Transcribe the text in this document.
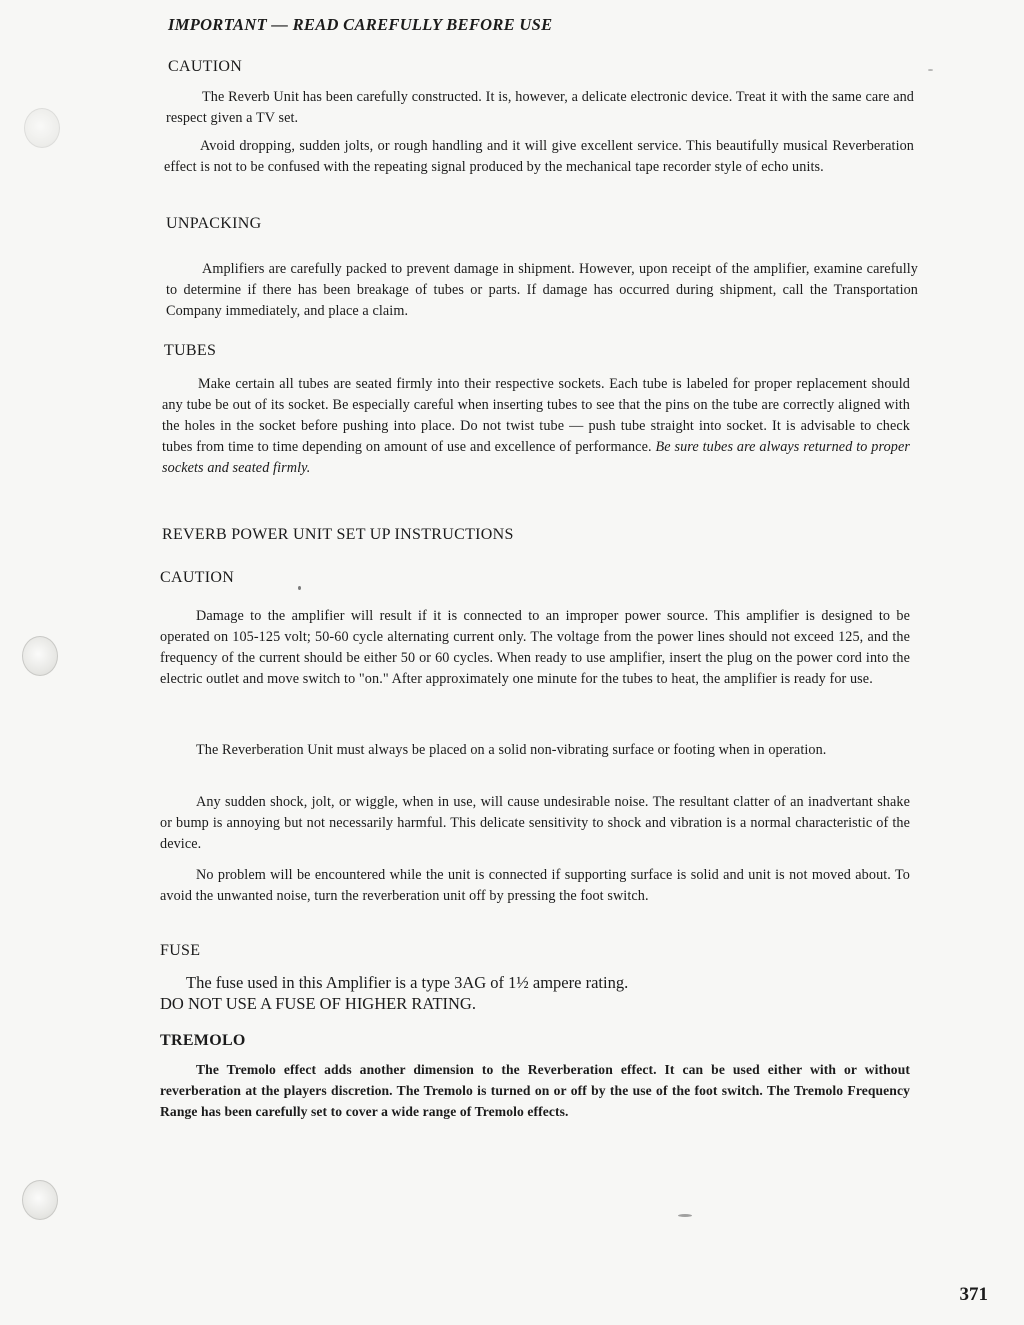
IMPORTANT — READ CAREFULLY BEFORE USE
CAUTION

The Reverb Unit has been carefully constructed. It is, however, a delicate electronic device. Treat it with the same care and respect given a TV set.

Avoid dropping, sudden jolts, or rough handling and it will give excellent service. This beautifully musical Reverberation effect is not to be confused with the repeating signal produced by the mechanical tape recorder style of echo units.

UNPACKING

Amplifiers are carefully packed to prevent damage in shipment. However, upon receipt of the amplifier, examine carefully to determine if there has been breakage of tubes or parts. If damage has occurred during shipment, call the Transportation Company immediately, and place a claim.

TUBES

Make certain all tubes are seated firmly into their respective sockets. Each tube is labeled for proper replacement should any tube be out of its socket. Be especially careful when inserting tubes to see that the pins on the tube are correctly aligned with the holes in the socket before pushing into place. Do not twist tube — push tube straight into socket. It is advisable to check tubes from time to time depending on amount of use and excellence of performance. Be sure tubes are always returned to proper sockets and seated firmly.

REVERB POWER UNIT SET UP INSTRUCTIONS
CAUTION

Damage to the amplifier will result if it is connected to an improper power source. This amplifier is designed to be operated on 105-125 volt; 50-60 cycle alternating current only. The voltage from the power lines should not exceed 125, and the frequency of the current should be either 50 or 60 cycles. When ready to use amplifier, insert the plug on the power cord into the electric outlet and move switch to "on." After approximately one minute for the tubes to heat, the amplifier is ready for use.

The Reverberation Unit must always be placed on a solid non-vibrating surface or footing when in operation.

Any sudden shock, jolt, or wiggle, when in use, will cause undesirable noise. The resultant clatter of an inadvertant shake or bump is annoying but not necessarily harmful. This delicate sensitivity to shock and vibration is a normal characteristic of the device.

No problem will be encountered while the unit is connected if supporting surface is solid and unit is not moved about. To avoid the unwanted noise, turn the reverberation unit off by pressing the foot switch.

FUSE
The fuse used in this Amplifier is a type 3AG of 1½ ampere rating.
DO NOT USE A FUSE OF HIGHER RATING.
TREMOLO

The Tremolo effect adds another dimension to the Reverberation effect. It can be used either with or without reverberation at the players discretion. The Tremolo is turned on or off by the use of the foot switch. The Tremolo Frequency Range has been carefully set to cover a wide range of Tremolo effects.

371
